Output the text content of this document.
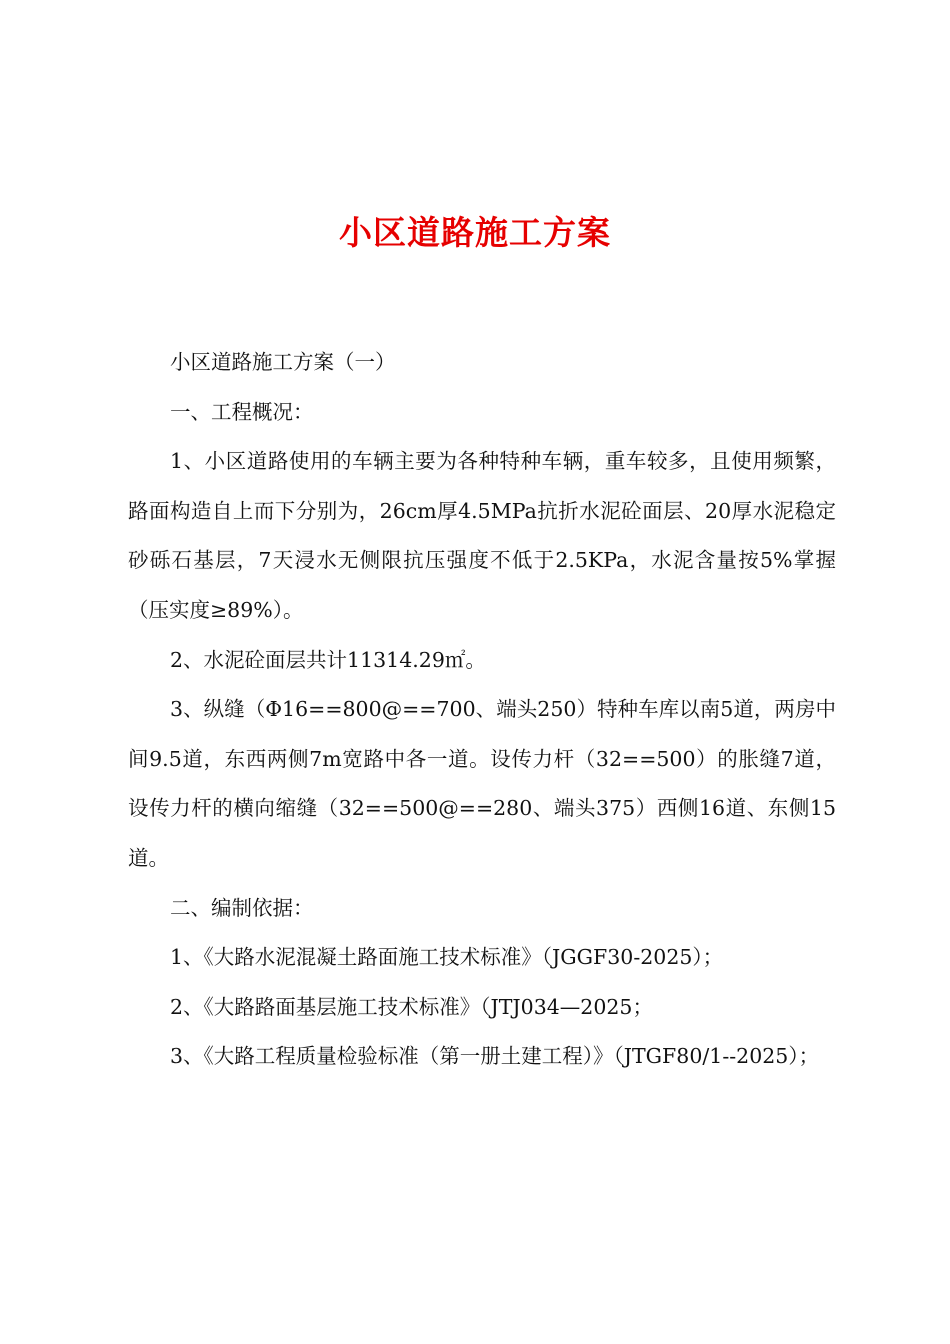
小区道路施工方案

小区道路施工方案（一）

一、工程概况：

1、小区道路使用的车辆主要为各种特种车辆，重车较多，且使用频繁，路面构造自上而下分别为，26cm厚4.5MPa抗折水泥砼面层、20厚水泥稳定砂砾石基层，7天浸水无侧限抗压强度不低于2.5KPa，水泥含量按5%掌握（压实度≥89%）。

2、水泥砼面层共计11314.29㎡。

3、纵缝（Φ16==800@==700、端头250）特种车库以南5道，两房中间9.5道，东西两侧7m宽路中各一道。设传力杆（32==500）的胀缝7道，设传力杆的横向缩缝（32==500@==280、端头375）西侧16道、东侧15道。

二、编制依据：

1、《大路水泥混凝土路面施工技术标准》（JGGF30-2025）；

2、《大路路面基层施工技术标准》（JTJ034—2025；

3、《大路工程质量检验标准（第一册土建工程）》（JTGF80/1--2025）；
